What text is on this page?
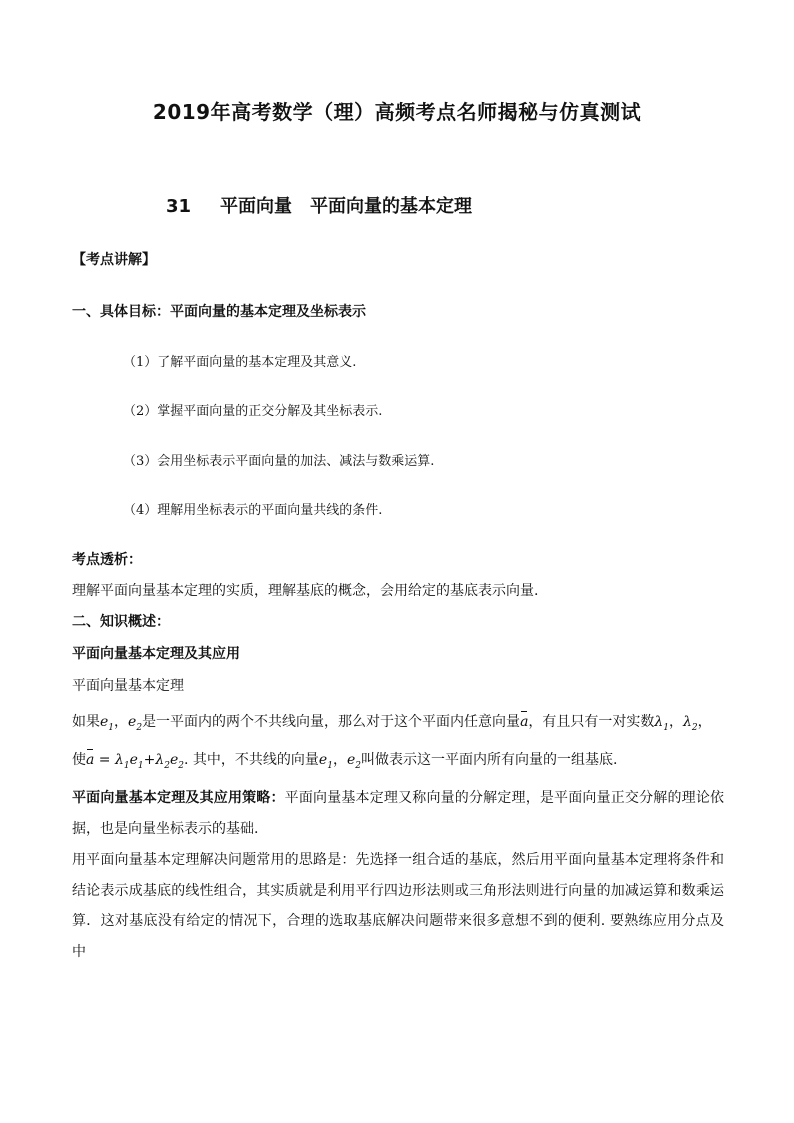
2019年高考数学（理）高频考点名师揭秘与仿真测试
31 平面向量 平面向量的基本定理
【考点讲解】
一、具体目标：平面向量的基本定理及坐标表示
（1）了解平面向量的基本定理及其意义.
（2）掌握平面向量的正交分解及其坐标表示.
（3）会用坐标表示平面向量的加法、减法与数乘运算.
（4）理解用坐标表示的平面向量共线的条件.
考点透析：
理解平面向量基本定理的实质，理解基底的概念，会用给定的基底表示向量.
二、知识概述：
平面向量基本定理及其应用
平面向量基本定理
如果$e_1$，$e_2$是一平面内的两个不共线向量，那么对于这个平面内任意向量a，有且只有一对实数$\lambda_1$，$\lambda_2$，
使$a = \lambda_1e_1+\lambda_2e_2$. 其中，不共线的向量$e_1$，$e_2$叫做表示这一平面内所有向量的一组基底.
平面向量基本定理及其应用策略：平面向量基本定理又称向量的分解定理，是平面向量正交分解的理论依据，也是向量坐标表示的基础.
用平面向量基本定理解决问题常用的思路是：先选择一组合适的基底，然后用平面向量基本定理将条件和结论表示成基底的线性组合，其实质就是利用平行四边形法则或三角形法则进行向量的加减运算和数乘运算．这对基底没有给定的情况下，合理的选取基底解决问题带来很多意想不到的便利. 要熟练应用分点及中
